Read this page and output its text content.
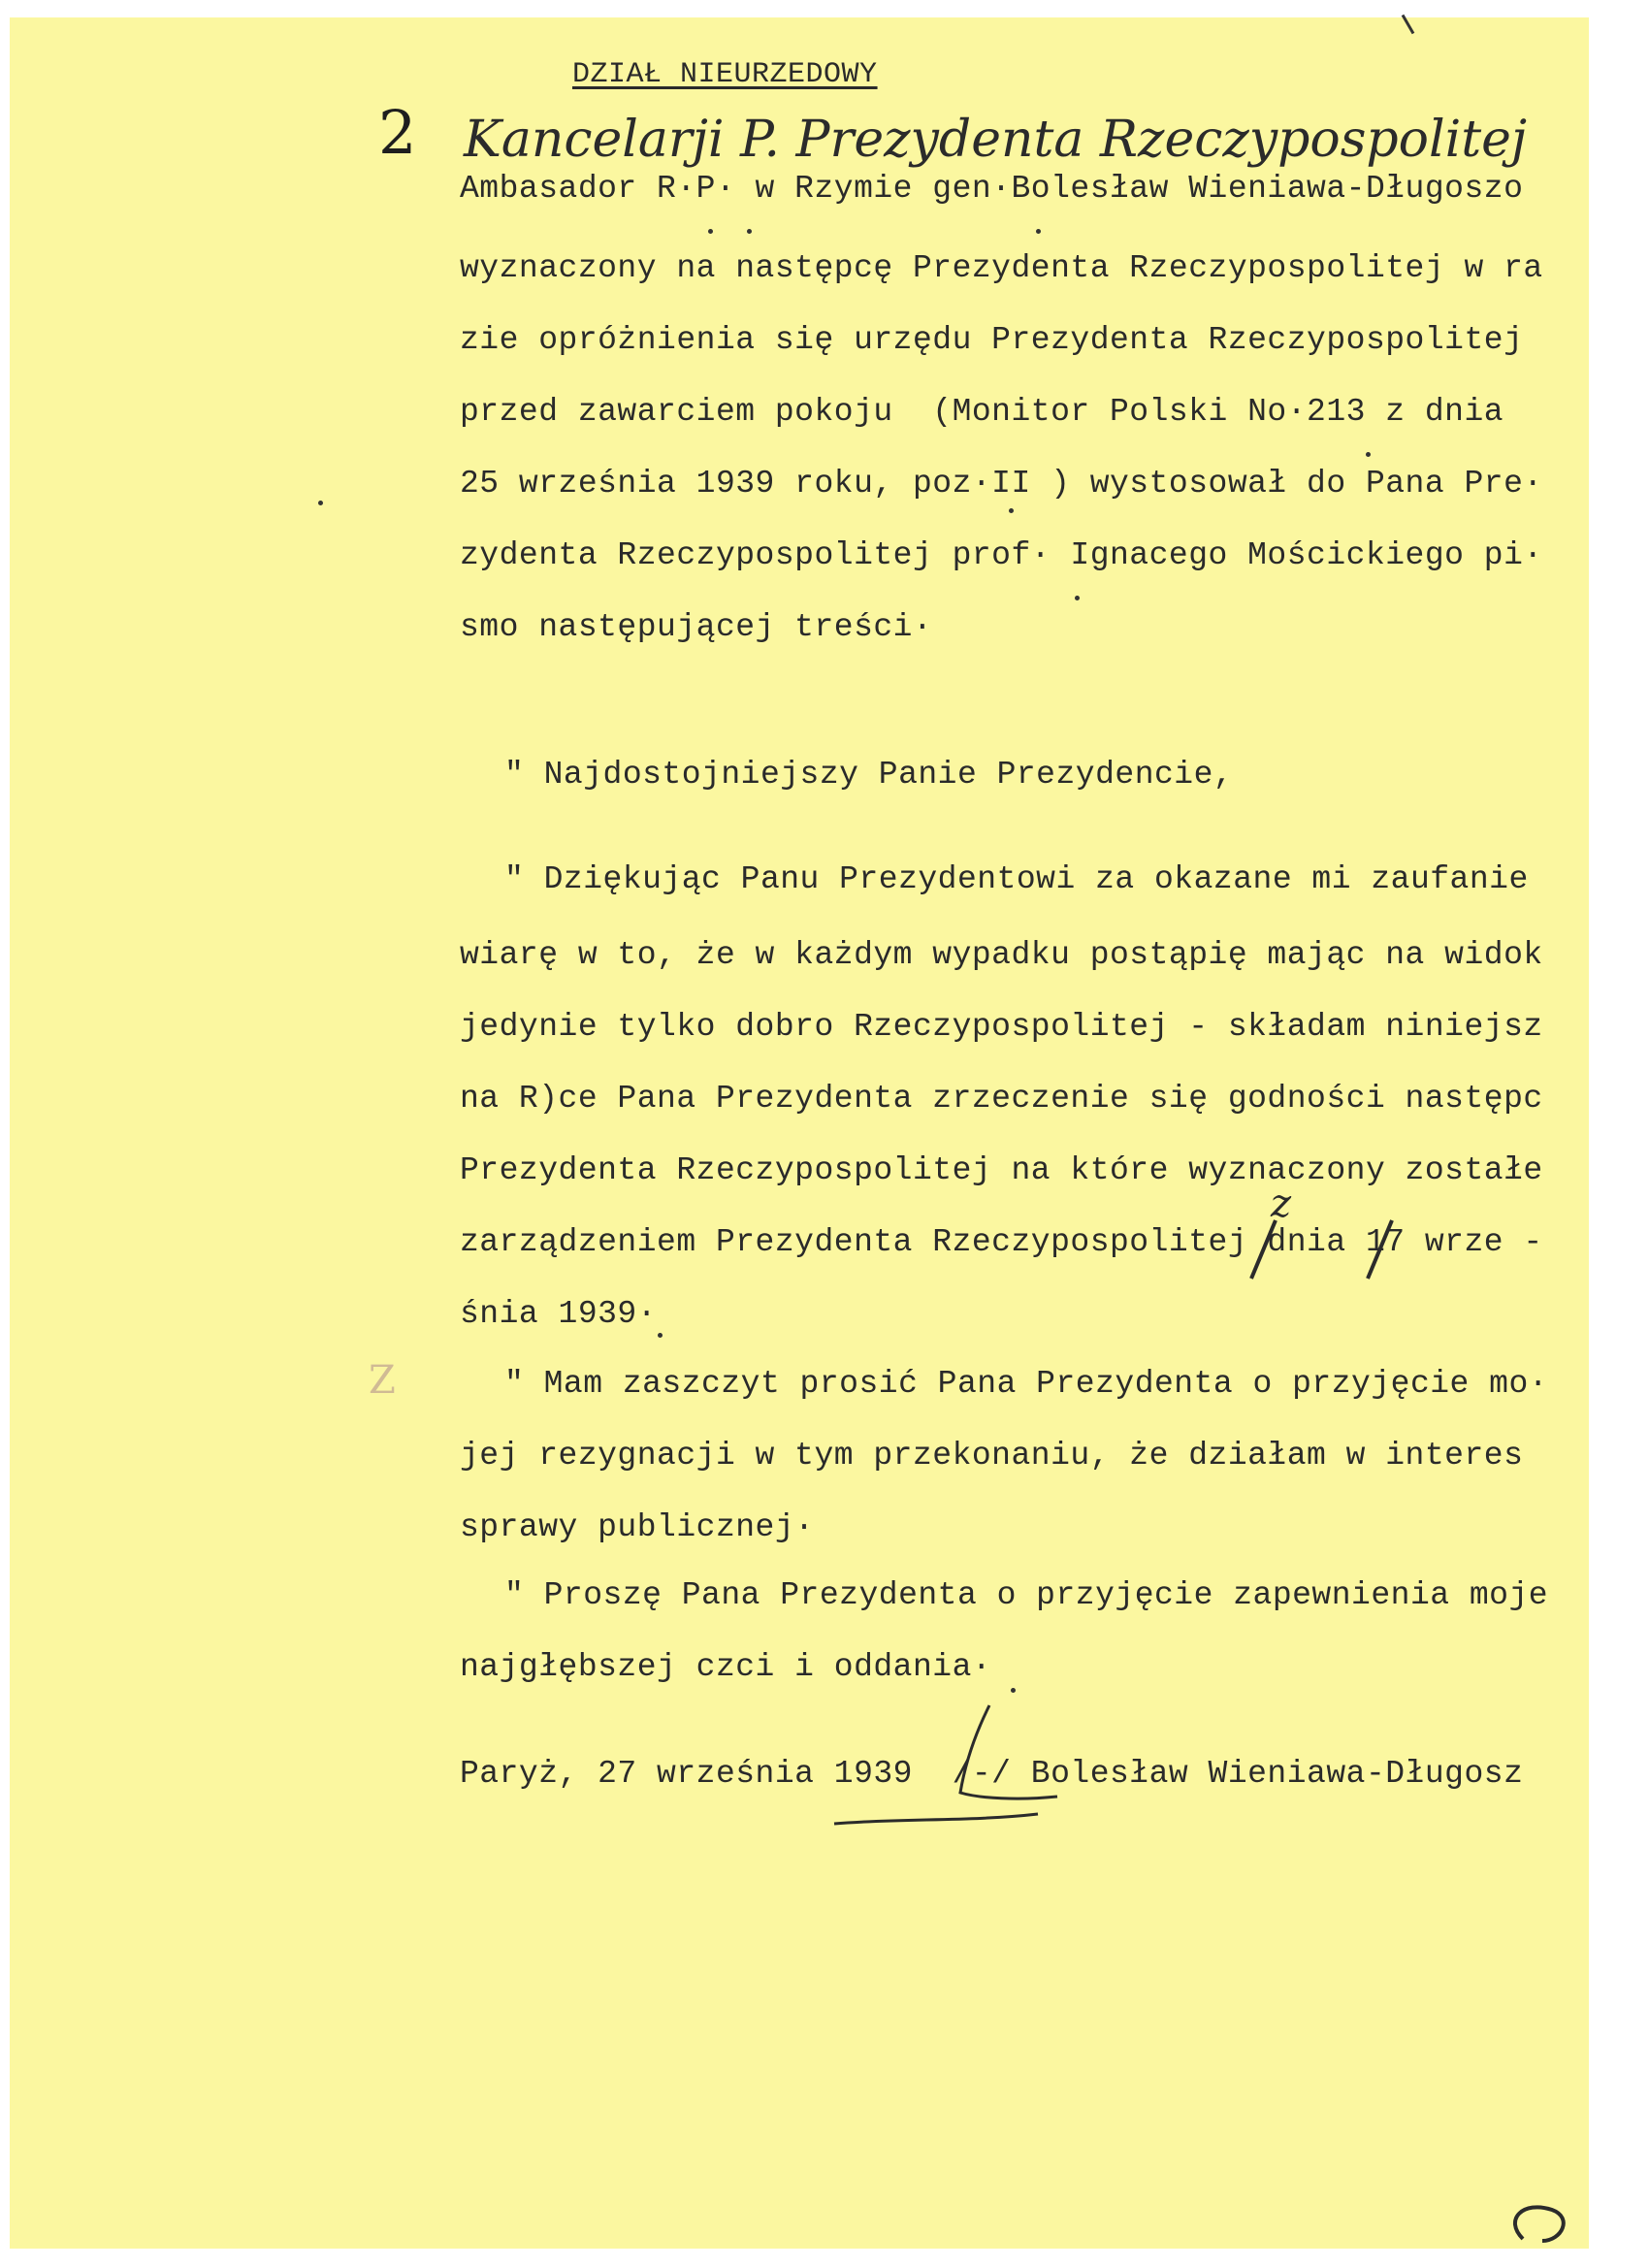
DZIAŁ NIEURZEDOWY
2 Kancelarji P. Prezydenta Rzeczypospolitej

Ambasador R·P· w Rzymie gen·Bolesław Wieniawa-Długoszo

wyznaczony na następcę Prezydenta Rzeczypospolitej w ra

zie opróżnienia się urzędu Prezydenta Rzeczypospolitej

przed zawarciem pokoju  (Monitor Polski No·213 z dnia

25 września 1939 roku, poz·II ) wystosował do Pana Pre·

zydenta Rzeczypospolitej prof· Ignacego Mościckiego pi·

smo następującej treści·

" Najdostojniejszy Panie Prezydencie,

" Dziękując Panu Prezydentowi za okazane mi zaufanie

wiarę w to, że w każdym wypadku postąpię mając na widok

jedynie tylko dobro Rzeczypospolitej - składam niniejsz

na R)ce Pana Prezydenta zrzeczenie się godności następc

Prezydenta Rzeczypospolitej na które wyznaczony zostałe

zarządzeniem Prezydenta Rzeczypospolitej dnia 17 wrze -

śnia 1939·

" Mam zaszczyt prosić Pana Prezydenta o przyjęcie mo·

jej rezygnacji w tym przekonaniu, że działam w interes

sprawy publicznej·

" Proszę Pana Prezydenta o przyjęcie zapewnienia moje

najgłębszej czci i oddania·

Paryż, 27 września 1939  /-/ Bolesław Wieniawa-Długosz

Z
z
